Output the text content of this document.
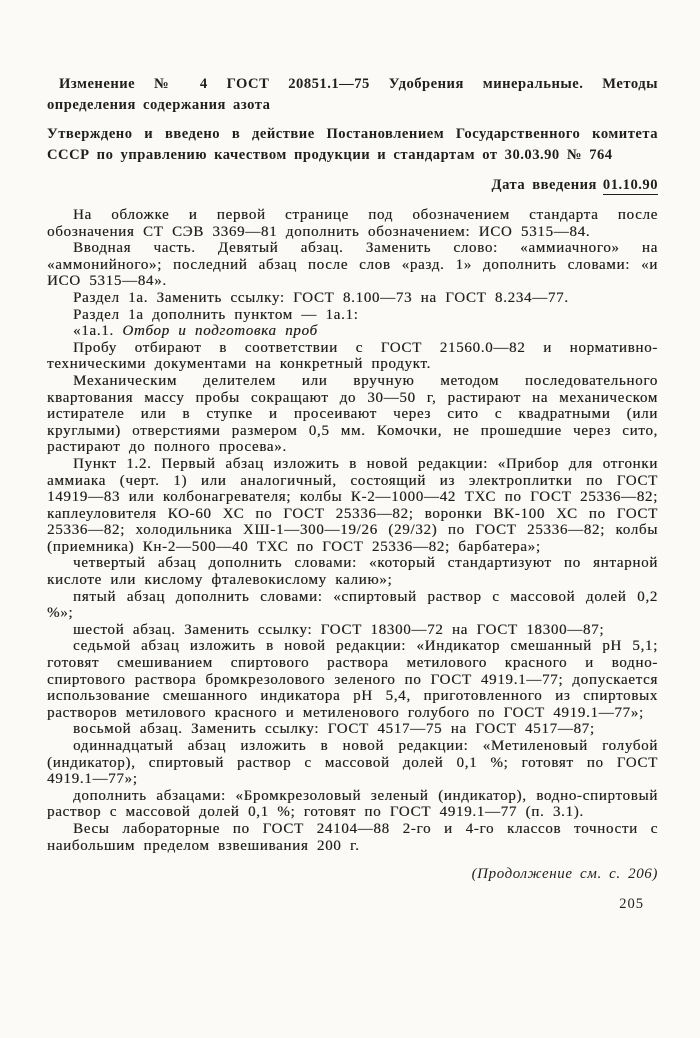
Изменение № 4 ГОСТ 20851.1—75 Удобрения минеральные. Методы определения содержания азота

Утверждено и введено в действие Постановлением Государственного комитета СССР по управлению качеством продукции и стандартам от 30.03.90 № 764

Дата введения 01.10.90

На обложке и первой странице под обозначением стандарта после обозначения СТ СЭВ 3369—81 дополнить обозначением: ИСО 5315—84.

Вводная часть. Девятый абзац. Заменить слово: «аммиачного» на «аммонийного»; последний абзац после слов «разд. 1» дополнить словами: «и ИСО 5315—84».

Раздел 1а. Заменить ссылку: ГОСТ 8.100—73 на ГОСТ 8.234—77.

Раздел 1а дополнить пунктом — 1а.1:

«1а.1. Отбор и подготовка проб

Пробу отбирают в соответствии с ГОСТ 21560.0—82 и нормативно-техническими документами на конкретный продукт.

Механическим делителем или вручную методом последовательного квартования массу пробы сокращают до 30—50 г, растирают на механическом истирателе или в ступке и просеивают через сито с квадратными (или круглыми) отверстиями размером 0,5 мм. Комочки, не прошедшие через сито, растирают до полного просева».

Пункт 1.2. Первый абзац изложить в новой редакции: «Прибор для отгонки аммиака (черт. 1) или аналогичный, состоящий из электроплитки по ГОСТ 14919—83 или колбонагревателя; колбы К-2—1000—42 ТХС по ГОСТ 25336—82; каплеуловителя КО-60 ХС по ГОСТ 25336—82; воронки ВК-100 ХС по ГОСТ 25336—82; холодильника ХШ-1—300—19/26 (29/32) по ГОСТ 25336—82; колбы (приемника) Кн-2—500—40 ТХС по ГОСТ 25336—82; барбатера»;

четвертый абзац дополнить словами: «который стандартизуют по янтарной кислоте или кислому фталевокислому калию»;

пятый абзац дополнить словами: «спиртовый раствор с массовой долей 0,2 %»;

шестой абзац. Заменить ссылку: ГОСТ 18300—72 на ГОСТ 18300—87;

седьмой абзац изложить в новой редакции: «Индикатор смешанный рН 5,1; готовят смешиванием спиртового раствора метилового красного и водно-спиртового раствора бромкрезолового зеленого по ГОСТ 4919.1—77; допускается использование смешанного индикатора рН 5,4, приготовленного из спиртовых растворов метилового красного и метиленового голубого по ГОСТ 4919.1—77»;

восьмой абзац. Заменить ссылку: ГОСТ 4517—75 на ГОСТ 4517—87;

одиннадцатый абзац изложить в новой редакции: «Метиленовый голубой (индикатор), спиртовый раствор с массовой долей 0,1 %; готовят по ГОСТ 4919.1—77»;

дополнить абзацами: «Бромкрезоловый зеленый (индикатор), водно-спиртовый раствор с массовой долей 0,1 %; готовят по ГОСТ 4919.1—77 (п. 3.1).

Весы лабораторные по ГОСТ 24104—88 2-го и 4-го классов точности с наибольшим пределом взвешивания 200 г.

(Продолжение см. с. 206)

205
